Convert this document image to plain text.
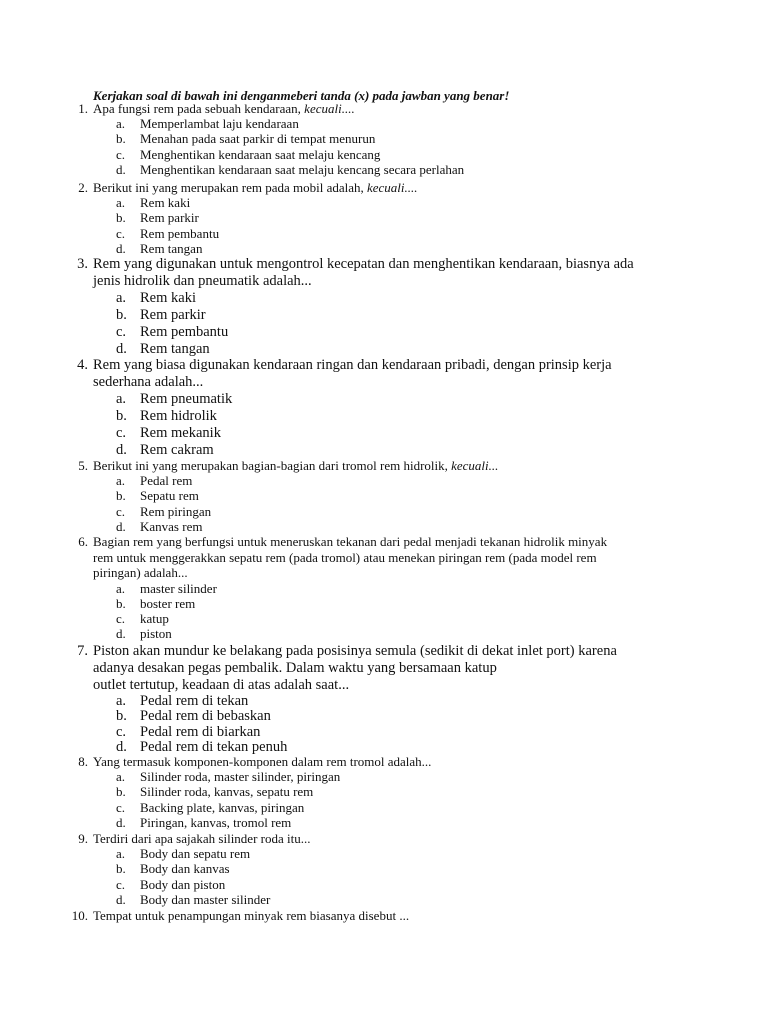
Kerjakan soal di bawah ini denganmeberi tanda (x) pada jawban yang benar!
1. Apa fungsi rem pada sebuah kendaraan, kecuali....
a. Memperlambat laju kendaraan
b. Menahan pada saat parkir di tempat menurun
c. Menghentikan kendaraan saat melaju kencang
d. Menghentikan kendaraan saat melaju kencang secara perlahan
2. Berikut ini yang merupakan rem pada mobil adalah, kecuali....
a. Rem kaki
b. Rem parkir
c. Rem pembantu
d. Rem tangan
3. Rem yang digunakan untuk mengontrol kecepatan dan menghentikan kendaraan, biasnya ada
jenis hidrolik dan pneumatik adalah...
a. Rem kaki
b. Rem parkir
c. Rem pembantu
d. Rem tangan
4. Rem yang biasa digunakan kendaraan ringan dan kendaraan pribadi, dengan prinsip kerja
sederhana adalah...
a. Rem pneumatik
b. Rem hidrolik
c. Rem mekanik
d. Rem cakram
5. Berikut ini yang merupakan bagian-bagian dari tromol rem hidrolik, kecuali...
a. Pedal rem
b. Sepatu rem
c. Rem piringan
d. Kanvas rem
6. Bagian rem yang berfungsi untuk meneruskan tekanan dari pedal menjadi tekanan hidrolik minyak
rem untuk menggerakkan sepatu rem (pada tromol) atau menekan piringan rem (pada model rem
piringan) adalah...
a. master silinder
b. boster rem
c. katup
d. piston
7. Piston akan mundur ke belakang pada posisinya semula (sedikit di dekat inlet port) karena
adanya desakan pegas pembalik. Dalam waktu yang bersamaan katup
outlet tertutup, keadaan di atas adalah saat...
a. Pedal rem di tekan
b. Pedal rem di bebaskan
c. Pedal rem di biarkan
d. Pedal rem di tekan penuh
8. Yang termasuk komponen-komponen dalam rem tromol adalah...
a. Silinder roda, master silinder, piringan
b. Silinder roda, kanvas, sepatu rem
c. Backing plate, kanvas, piringan
d. Piringan, kanvas, tromol rem
9. Terdiri dari apa sajakah silinder roda itu...
a. Body dan sepatu rem
b. Body dan kanvas
c. Body dan piston
d. Body dan master silinder
10. Tempat untuk penampungan minyak rem biasanya disebut ...
